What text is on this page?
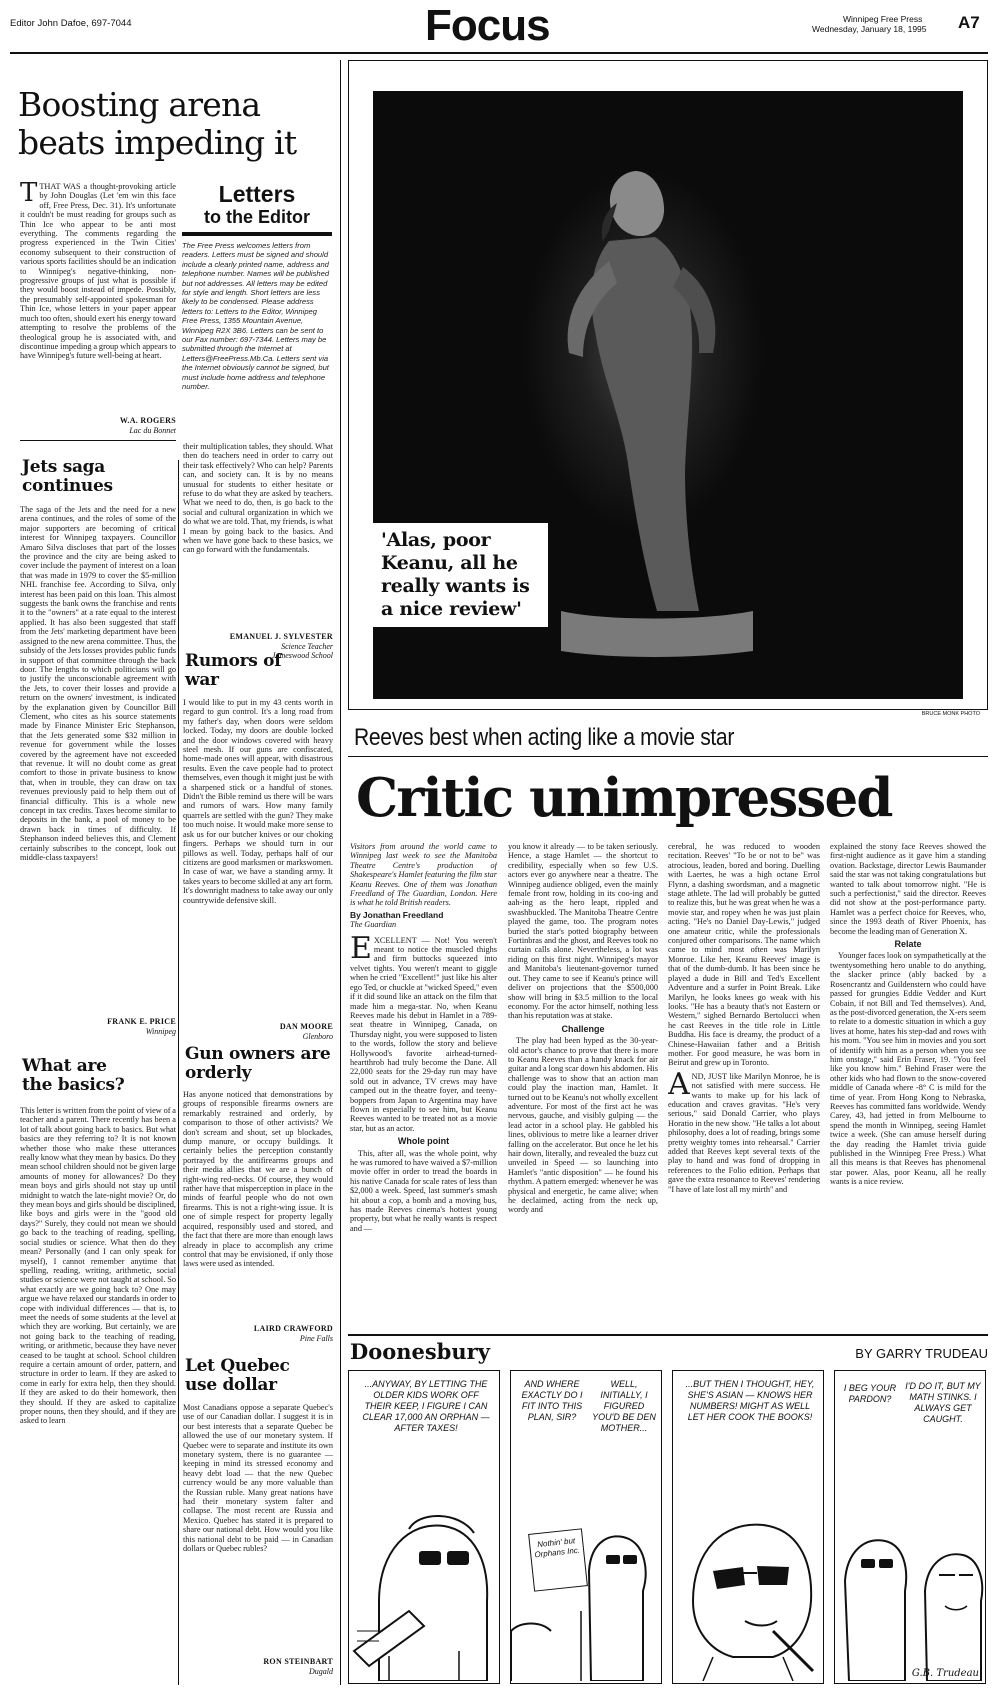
Editor John Dafoe, 697-7044	Focus	Winnipeg Free Press
Wednesday, January 18, 1995	A7
Boosting arena beats impeding it

TTHAT WAS a thought-provoking article by John Douglas (Let 'em win this face off, Free Press, Dec. 31). It's unfortunate it couldn't be must reading for groups such as Thin Ice who appear to be anti most everything. The comments regarding the progress experienced in the Twin Cities' economy subsequent to their construction of various sports facilities should be an indication to Winnipeg's negative-thinking, non-progressive groups of just what is possible if they would boost instead of impede. Possibly, the presumably self-appointed spokesman for Thin Ice, whose letters in your paper appear much too often, should exert his energy toward attempting to resolve the problems of the theological group he is associated with, and discontinue impeding a group which appears to have Winnipeg's future well-being at heart.

W.A. ROGERS
Lac du Bonnet
Letters
to the Editor
The Free Press welcomes letters from readers. Letters must be signed and should include a clearly printed name, address and telephone number. Names will be published but not addresses. All letters may be edited for style and length. Short letters are less likely to be condensed. Please address letters to: Letters to the Editor, Winnipeg Free Press, 1355 Mountain Avenue, Winnipeg R2X 3B6. Letters can be sent to our Fax number: 697-7344. Letters may be submitted through the Internet at Letters@FreePress.Mb.Ca. Letters sent via the Internet obviously cannot be signed, but must include home address and telephone number.
Jets saga continues
The saga of the Jets and the need for a new arena continues, and the roles of some of the major supporters are becoming of critical interest for Winnipeg taxpayers. Councillor Amaro Silva discloses that part of the losses the province and the city are being asked to cover include the payment of interest on a loan that was made in 1979 to cover the $5-million NHL franchise fee. According to Silva, only interest has been paid on this loan. This almost suggests the bank owns the franchise and rents it to the "owners" at a rate equal to the interest applied. It has also been suggested that staff from the Jets' marketing department have been assigned to the new arena committee. Thus, the subsidy of the Jets losses provides public funds in support of that committee through the back door. The lengths to which politicians will go to justify the unconscionable agreement with the Jets, to cover their losses and provide a return on the owners' investment, is indicated by the explanation given by Councillor Bill Clement, who cites as his source statements made by Finance Minister Eric Stephanson, that the Jets generated some $32 million in revenue for government while the losses covered by the agreement have not exceeded that revenue. It will no doubt come as great comfort to those in private business to know that, when in trouble, they can draw on tax revenues previously paid to help them out of financial difficulty. This is a whole new concept in tax credits. Taxes become similar to deposits in the bank, a pool of money to be drawn back in times of difficulty. If Stephanson indeed believes this, and Clement certainly subscribes to the concept, look out middle-class taxpayers!
FRANK E. PRICE
Winnipeg
What are the basics?
This letter is written from the point of view of a teacher and a parent. There recently has been a lot of talk about going back to basics. But what basics are they referring to? It is not known whether those who make these utterances really know what they mean by basics. Do they mean school children should not be given large amounts of money for allowances? Do they mean boys and girls should not stay up until midnight to watch the late-night movie? Or, do they mean boys and girls should be disciplined, like boys and girls were in the "good old days?" Surely, they could not mean we should go back to the teaching of reading, spelling, social studies or science. What then do they mean? Personally (and I can only speak for myself), I cannot remember anytime that spelling, reading, writing, arithmetic, social studies or science were not taught at school. So what exactly are we going back to? One may argue we have relaxed our standards in order to cope with individual differences — that is, to meet the needs of some students at the level at which they are working. But certainly, we are not going back to the teaching of reading, writing, or arithmetic, because they have never ceased to be taught at school. School children require a certain amount of order, pattern, and structure in order to learn. If they are asked to come in early for extra help, then they should. If they are asked to do their homework, then they should. If they are asked to capitalize proper nouns, then they should, and if they are asked to learn
their multiplication tables, they should. What then do teachers need in order to carry out their task effectively? Who can help? Parents can, and society can. It is by no means unusual for students to either hesitate or refuse to do what they are asked by teachers. What we need to do, then, is go back to the social and cultural organization in which we do what we are told. That, my friends, is what I mean by going back to the basics. And when we have gone back to these basics, we can go forward with the fundamentals.
EMANUEL J. SYLVESTER
Science Teacher
Jameswood School
Rumors of war
I would like to put in my 43 cents worth in regard to gun control. It's a long road from my father's day, when doors were seldom locked. Today, my doors are double locked and the door windows covered with heavy steel mesh. If our guns are confiscated, home-made ones will appear, with disastrous results. Even the cave people had to protect themselves, even though it might just be with a sharpened stick or a handful of stones. Didn't the Bible remind us there will be wars and rumors of wars. How many family quarrels are settled with the gun? They make too much noise. It would make more sense to ask us for our butcher knives or our choking fingers. Perhaps we should turn in our pillows as well. Today, perhaps half of our citizens are good marksmen or markswomen. In case of war, we have a standing army. It takes years to become skilled at any art form. It's downright madness to take away our only countrywide defensive skill.
DAN MOORE
Glenboro
Gun owners are orderly
Has anyone noticed that demonstrations by groups of responsible firearms owners are remarkably restrained and orderly, by comparison to those of other activists? We don't scream and shout, set up blockades, dump manure, or occupy buildings. It certainly belies the perception constantly portrayed by the antifirearms groups and their media allies that we are a bunch of right-wing red-necks. Of course, they would rather have that misperception in place in the minds of fearful people who do not own firearms. This is not a right-wing issue. It is one of simple respect for property legally acquired, responsibly used and stored, and the fact that there are more than enough laws already in place to accomplish any crime control that may be envisioned, if only those laws were used as intended.
LAIRD CRAWFORD
Pine Falls
Let Quebec use dollar
Most Canadians oppose a separate Quebec's use of our Canadian dollar. I suggest it is in our best interests that a separate Quebec be allowed the use of our monetary system. If Quebec were to separate and institute its own monetary system, there is no guarantee — keeping in mind its stressed economy and heavy debt load — that the new Quebec currency would be any more valuable than the Russian ruble. Many great nations have had their monetary system falter and collapse. The most recent are Russia and Mexico. Quebec has stated it is prepared to share our national debt. How would you like this national debt to be paid — in Canadian dollars or Quebec rubles?
RON STEINBART
Dugald
'Alas, poor Keanu, all he really wants is a nice review'
BRUCE MONK PHOTO
Reeves best when acting like a movie star
Critic unimpressed
Visitors from around the world came to Winnipeg last week to see the Manitoba Theatre Centre's production of Shakespeare's Hamlet featuring the film star Keanu Reeves. One of them was Jonathan Freedland of The Guardian, London. Here is what he told British readers.
By Jonathan Freedland
The Guardian

EXCELLENT — Not! You weren't meant to notice the muscled thighs and firm buttocks squeezed into velvet tights. You weren't meant to giggle when he cried "Excellent!" just like his alter ego Ted, or chuckle at "wicked Speed," even if it did sound like an attack on the film that made him a mega-star. No, when Keanu Reeves made his debut in Hamlet in a 789-seat theatre in Winnipeg, Canada, on Thursday night, you were supposed to listen to the words, follow the story and believe Hollywood's favorite airhead-turned-heartthrob had truly become the Dane. All 22,000 seats for the 29-day run may have sold out in advance, TV crews may have camped out in the theatre foyer, and teeny-boppers from Japan to Argentina may have flown in especially to see him, but Keanu Reeves wanted to be treated not as a movie star, but as an actor.

Whole point

This, after all, was the whole point, why he was rumored to have waived a $7-million movie offer in order to tread the boards in his native Canada for scale rates of less than $2,000 a week. Speed, last summer's smash hit about a cop, a bomb and a moving bus, has made Reeves cinema's hottest young property, but what he really wants is respect and —

you know it already — to be taken seriously. Hence, a stage Hamlet — the shortcut to credibility, especially when so few U.S. actors ever go anywhere near a theatre. The Winnipeg audience obliged, even the mainly female front row, holding in its coo-ing and aah-ing as the hero leapt, rippled and swashbuckled. The Manitoba Theatre Centre played the game, too. The program notes buried the star's potted biography between Fortinbras and the ghost, and Reeves took no curtain calls alone. Nevertheless, a lot was riding on this first night. Winnipeg's mayor and Manitoba's lieutenant-governor turned out. They came to see if Keanu's prince will deliver on projections that the $500,000 show will bring in $3.5 million to the local economy. For the actor himself, nothing less than his reputation was at stake.

Challenge

The play had been hyped as the 30-year-old actor's chance to prove that there is more to Keanu Reeves than a handy knack for air guitar and a long scar down his abdomen. His challenge was to show that an action man could play the inaction man, Hamlet. It turned out to be Keanu's not wholly excellent adventure. For most of the first act he was nervous, gauche, and visibly gulping — the lead actor in a school play. He gabbled his lines, oblivious to metre like a learner driver falling on the accelerator. But once he let his hair down, literally, and revealed the buzz cut unveiled in Speed — so launching into Hamlet's "antic disposition" — he found his rhythm. A pattern emerged: whenever he was physical and energetic, he came alive; when he declaimed, acting from the neck up, wordy and

cerebral, he was reduced to wooden recitation. Reeves' "To be or not to be" was atrocious, leaden, bored and boring. Duelling with Laertes, he was a high octane Errol Flynn, a dashing swordsman, and a magnetic stage athlete. The lad will probably be gutted to realize this, but he was great when he was a movie star, and ropey when he was just plain acting. "He's no Daniel Day-Lewis," judged one amateur critic, while the professionals conjured other comparisons. The name which came to mind most often was Marilyn Monroe. Like her, Keanu Reeves' image is that of the dumb-dumb. It has been since he played a dude in Bill and Ted's Excellent Adventure and a surfer in Point Break. Like Marilyn, he looks knees go weak with his looks. "He has a beauty that's not Eastern or Western," sighed Bernardo Bertolucci when he cast Reeves in the title role in Little Buddha. His face is dreamy, the product of a Chinese-Hawaiian father and a British mother. For good measure, he was born in Beirut and grew up in Toronto.

AND, JUST like Marilyn Monroe, he is not satisfied with mere success. He wants to make up for his lack of education and craves gravitas. "He's very serious," said Donald Carrier, who plays Horatio in the new show. "He talks a lot about philosophy, does a lot of reading, brings some pretty weighty tomes into rehearsal." Carrier added that Reeves kept several texts of the play to hand and was fond of dropping in references to the Folio edition. Perhaps that gave the extra resonance to Reeves' rendering "I have of late lost all my mirth" and

explained the stony face Reeves showed the first-night audience as it gave him a standing ovation. Backstage, director Lewis Baumander said the star was not taking congratulations but wanted to talk about tomorrow night. "He is such a perfectionist," said the director. Reeves did not show at the post-performance party. Hamlet was a perfect choice for Reeves, who, since the 1993 death of River Phoenix, has become the leading man of Generation X.

Relate

Younger faces look on sympathetically at the twentysomething hero unable to do anything, the slacker prince (ably backed by a Rosencrantz and Guildenstern who could have passed for grungies Eddie Vedder and Kurt Cobain, if not Bill and Ted themselves). And, as the post-divorced generation, the X-ers seem to relate to a domestic situation in which a guy lives at home, hates his step-dad and rows with his mom. "You see him in movies and you sort of identify with him as a person when you see him onstage," said Erin Fraser, 19. "You feel like you know him." Behind Fraser were the other kids who had flown to the snow-covered middle of Canada where -8° C is mild for the time of year. From Hong Kong to Nebraska, Reeves has committed fans worldwide. Wendy Carey, 43, had jetted in from Melbourne to spend the month in Winnipeg, seeing Hamlet twice a week. (She can amuse herself during the day reading the Hamlet trivia guide published in the Winnipeg Free Press.) What all this means is that Reeves has phenomenal star power. Alas, poor Keanu, all he really wants is a nice review.

Doonesbury	BY GARRY TRUDEAU
...ANYWAY, BY LETTING THE OLDER KIDS WORK OFF THEIR KEEP, I FIGURE I CAN CLEAR 17,000 AN ORPHAN — AFTER TAXES!
AND WHERE EXACTLY DO I FIT INTO THIS PLAN, SIR?
WELL, INITIALLY, I FIGURED YOU'D BE DEN MOTHER...
Nothin' but Orphans Inc.
...BUT THEN I THOUGHT, HEY, SHE'S ASIAN — KNOWS HER NUMBERS! MIGHT AS WELL LET HER COOK THE BOOKS!
I BEG YOUR PARDON?
I'D DO IT, BUT MY MATH STINKS. I ALWAYS GET CAUGHT.
G.B. Trudeau
